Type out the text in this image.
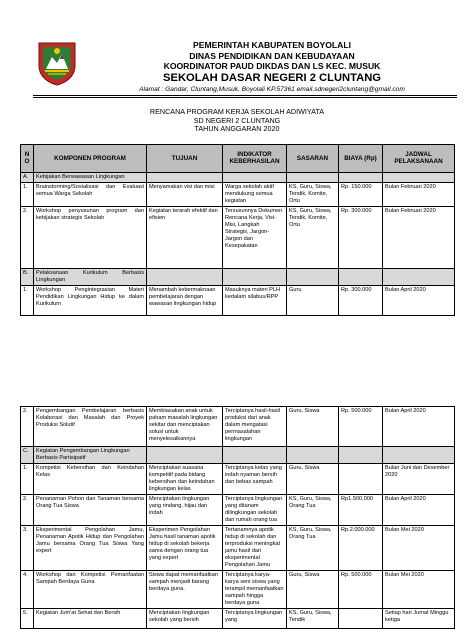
PEMERINTAH KABUPATEN BOYOLALI
DINAS PENDIDIKAN DAN KEBUDAYAAN
KOORDINATOR PAUD DIKDAS DAN LS KEC. MUSUK
SEKOLAH DASAR NEGERI 2 CLUNTANG
Alamat : Gandar, Cluntang,Musuk, Boyolali KP.57361 email.sdnegeri2cluntang@gmail.com
RENCANA PROGRAM KERJA SEKOLAH ADIWIYATA
SD NEGERI 2 CLUNTANG
TAHUN ANGGARAN 2020
N O	KOMPONEN PROGRAM	TUJUAN	INDIKATOR KEBERHASILAN	SASARAN	BIAYA (Rp)	JADWAL PELAKSANAAN
A.	Kebijakan Berwawasan Lingkungan					
1.	Brainstorming/Sosialisasi dan Evaluasi semua Warga Sekolah	Menyamakan visi dan misi	Warga sekolah aktif mendukung semua kegiatan	KS, Guru, Siswa, Tendik, Komite, Ortu	Rp. 150.000	Bulan Februari 2020
2.	Workshop penyusunan program dan kebijakan strategis Sekolah	Kegiatan terarah efektif dan efisien	Tersusunnya Dokumen Rencana Kerja, Visi-Misi, Langkah Strategis, Jargon-Jargon dan Kesepakatan	KS, Guru, Siswa, Tendik, Komite, Ortu	Rp. 300.000	Bulan Februari 2020
B.	Pelaksanaan Kurikulum Berbasis Lingkungan					
1.	Workshop Pengintegrasian Materi Pendidikan Lingkungan Hidup ke dalam Kurikulum	Menambah kebermaknaan pembelajaran dengan wawasan lingkungan hidup	Masuknya materi PLH kedalam silabus/RPP	Guru	Rp. 300.000	Bulan April 2020
2.	Pengembangan Pembelajaran berbasis Kolaborasi dan Masalah dan Proyek Produksi Solutif	Membiasakan anak untuk paham masalah lingkungan sekitar dan menciptakan solusi untuk menyelesaikannya	Terciptanya hasil-hasil produksi dari anak dalam mengatasi permasalahan lingkungan	Guru, Siswa	Rp. 500.000	Bulan April 2020
C.	Kegiatan Pengembangan Lingkungan Berbasis Partisipatif					
1.	Kompetisi Kebersihan dan Keindahan Kelas	Menciptakan suasana kompetitif pada bidang kebersihan dan keindahan lingkungan kelas	Terciptanya kelas yang indah nyaman bersih dan bebas sampah	Guru, Siswa		Bulan Juni dan Desember 2020
2.	Penanaman Pohon dan Tanaman bersama Orang Tua Siswa	Menciptakan lingkungan yang rindang, hijau dan indah	Terciptanya lingkungan yang ditanam dilingkungan sekolah dan rumah orang tua	KS, Guru, Siswa, Orang Tua	Rp1.500.000	Bulan April 2020
3.	Eksperimental Pengolahan Jamu, Penanaman Apotik Hidup dan Pengolahan Jamu bersama Orang Tua Siswa Yang expert	Eksperimen Pengolahan Jamu hasil tanaman apotik hidup di sekolah bekerja sama dengan orang tua yang expert	Tertanamnya apotik hidup di sekolah dan terproduksi meningkat jamu hasil dari eksperimental Pengolahan Jamu	KS, Guru, Siswa, Orang Tua	Rp.2.000.000	Bulan Mei 2020
4.	Workshop dan Kompetisi Pemanfaatan Sampah Berdaya Guna	Siswa dapat memanfaatkan sampah menjadi barang berdaya guna.	Terciptanya karya-karya seni siswa yang terampil memanfaatkan sampah hingga berdaya guna	Guru, Siswa	Rp. 500.000	Bulan Mei 2020
5.	Kegiatan Jum'at Sehat dan Bersih	Menciptakan lingkungan sekolah yang bersih	Terciptanya lingkungan yang	KS, Guru, Siswa, Tendik		Setiap hari Jumat Minggu ketiga
